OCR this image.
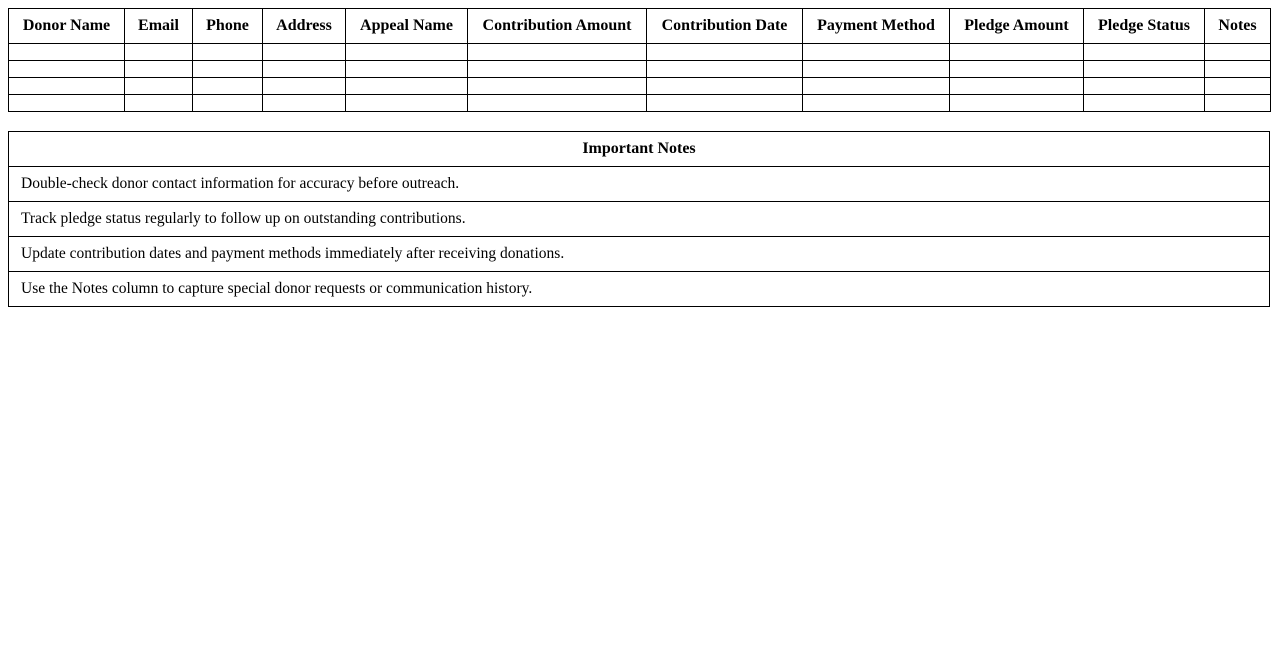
Donor Name	Email	Phone	Address	Appeal Name	Contribution Amount	Contribution Date	Payment Method	Pledge Amount	Pledge Status	Notes

Important Notes
Double-check donor contact information for accuracy before outreach.
Track pledge status regularly to follow up on outstanding contributions.
Update contribution dates and payment methods immediately after receiving donations.
Use the Notes column to capture special donor requests or communication history.
